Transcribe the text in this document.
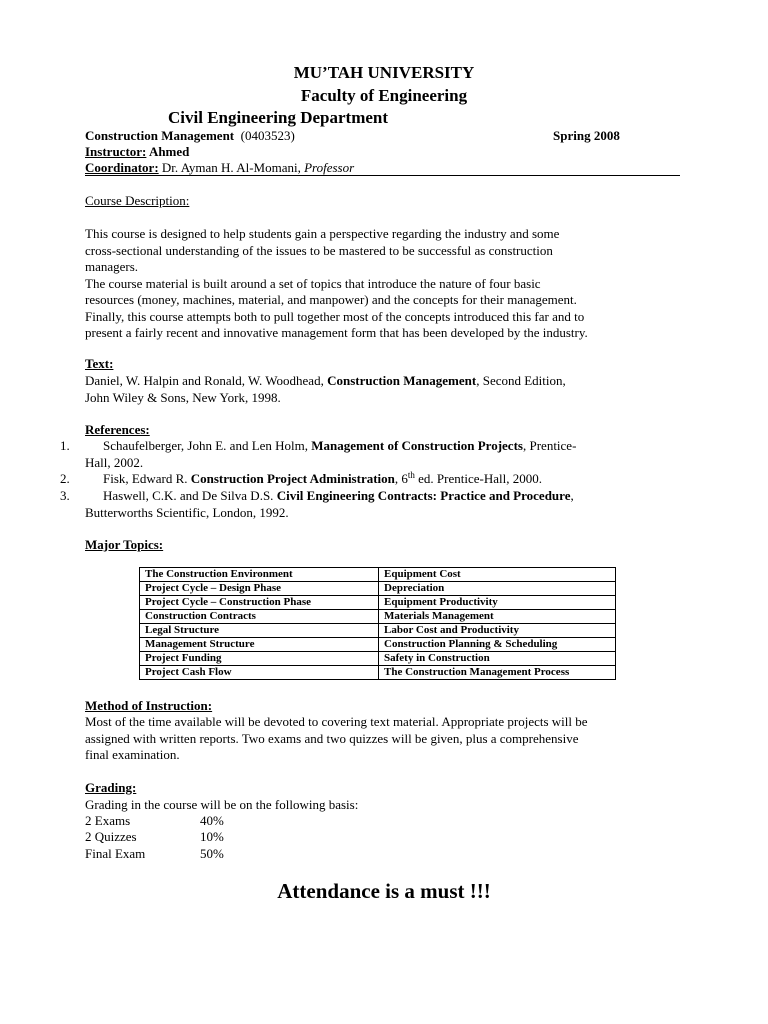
MU’TAH UNIVERSITY
Faculty of Engineering
Civil Engineering Department
Construction Management (0403523)	Spring 2008
Instructor: Ahmed
Coordinator: Dr. Ayman H. Al-Momani, Professor
Course Description:

This course is designed to help students gain a perspective regarding the industry and some

cross-sectional understanding of the issues to be mastered to be successful as construction

managers.

The course material is built around a set of topics that introduce the nature of four basic

resources (money, machines, material, and manpower) and the concepts for their management.

Finally, this course attempts both to pull together most of the concepts introduced this far and to

present a fairly recent and innovative management form that has been developed by the industry.

Text:

Daniel, W. Halpin and Ronald, W. Woodhead, Construction Management, Second Edition,

John Wiley & Sons, New York, 1998.

References:
1.	Schaufelberger, John E. and Len Holm, Management of Construction Projects, Prentice-

Hall, 2002.

2.	Fisk, Edward R. Construction Project Administration, 6th ed. Prentice-Hall, 2000.
3.	Haswell, C.K. and De Silva D.S. Civil Engineering Contracts: Practice and Procedure,

Butterworths Scientific, London, 1992.

Major Topics:
The Construction Environment	Equipment Cost
Project Cycle – Design Phase	Depreciation
Project Cycle – Construction Phase	Equipment Productivity
Construction Contracts	Materials Management
Legal Structure	Labor Cost and Productivity
Management Structure	Construction Planning & Scheduling
Project Funding	Safety in Construction
Project Cash Flow	The Construction Management Process
Method of Instruction:

Most of the time available will be devoted to covering text material. Appropriate projects will be

assigned with written reports. Two exams and two quizzes will be given, plus a comprehensive

final examination.

Grading:
Grading in the course will be on the following basis:
2 Exams	40%
2 Quizzes	10%
Final Exam	50%
Attendance is a must !!!
